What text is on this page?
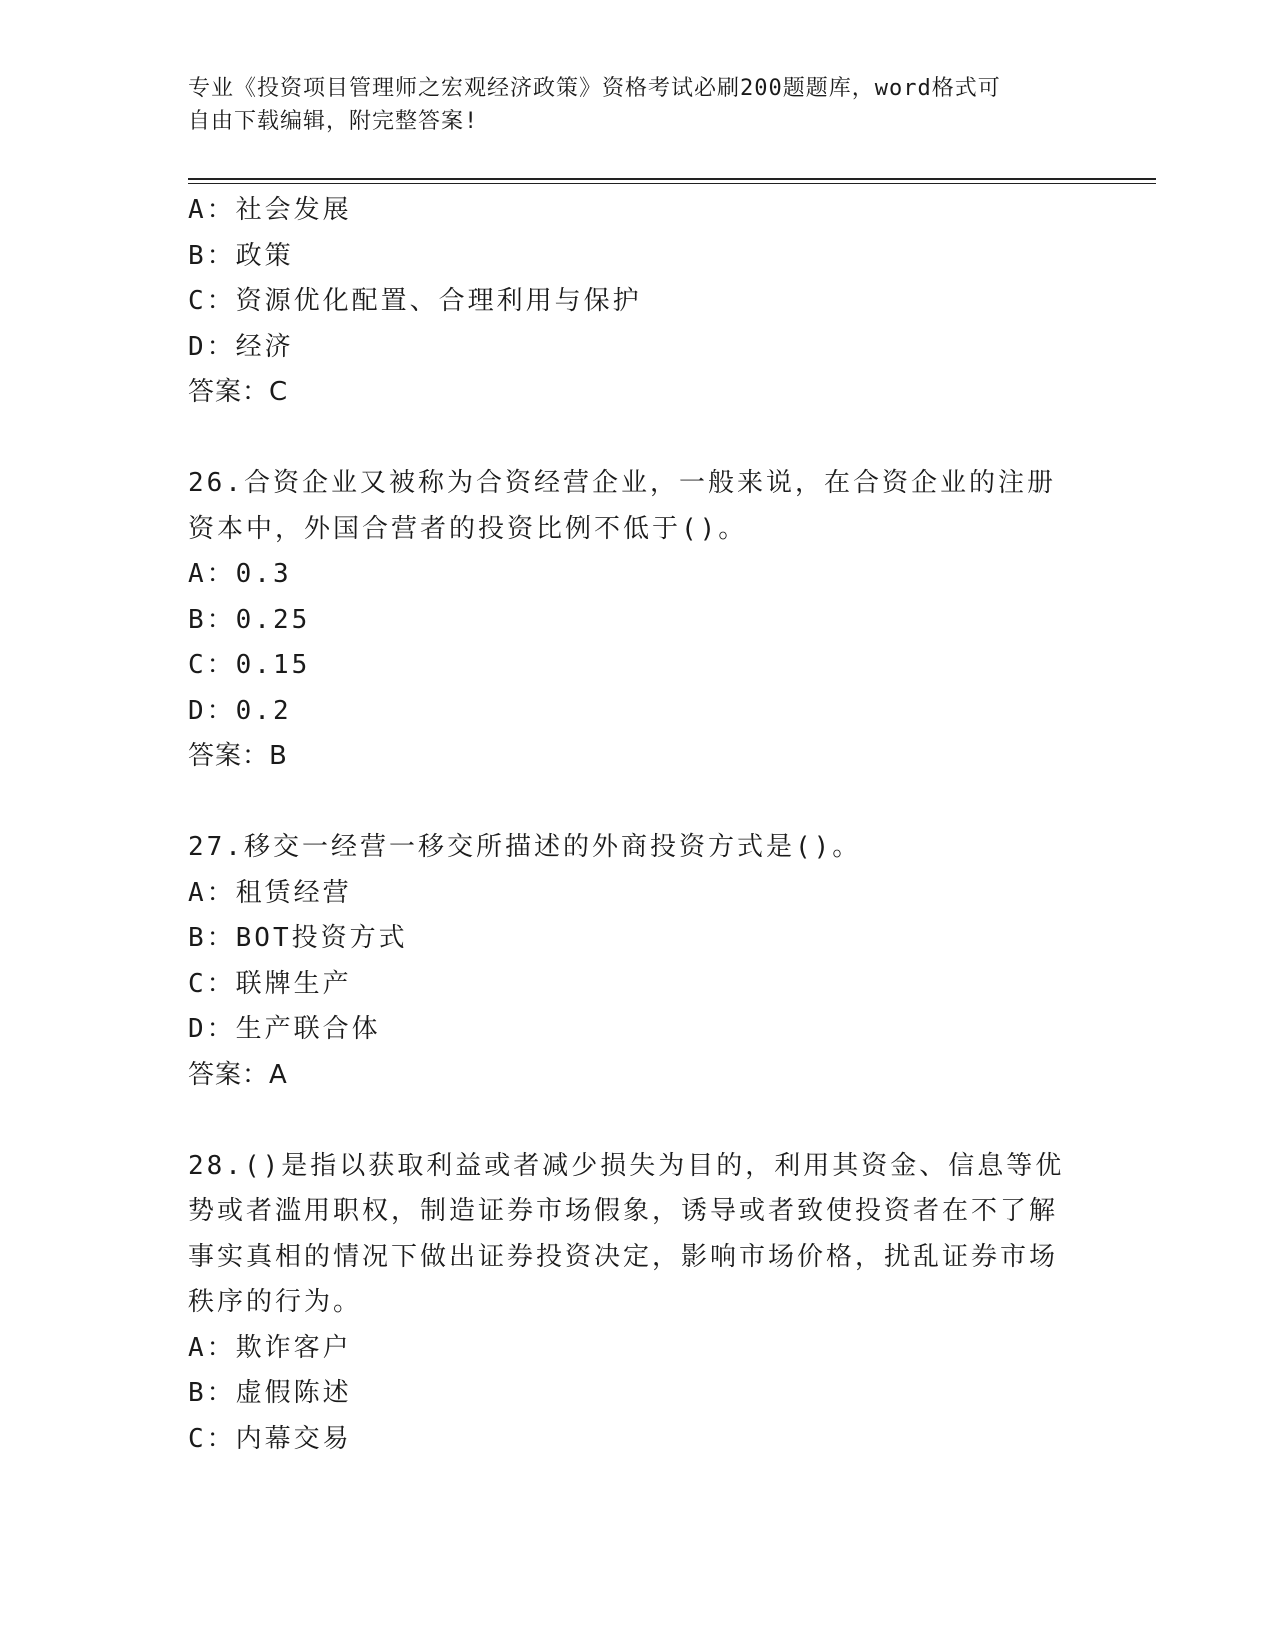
专业《投资项目管理师之宏观经济政策》资格考试必刷200题题库，word格式可
自由下载编辑，附完整答案!
A：社会发展
B：政策
C：资源优化配置、合理利用与保护
D：经济
答案：C
26.合资企业又被称为合资经营企业，一般来说，在合资企业的注册资本中，外国合营者的投资比例不低于()。
A：0.3
B：0.25
C：0.15
D：0.2
答案：B
27.移交一经营一移交所描述的外商投资方式是()。
A：租赁经营
B：BOT投资方式
C：联牌生产
D：生产联合体
答案：A
28.()是指以获取利益或者减少损失为目的，利用其资金、信息等优势或者滥用职权，制造证券市场假象，诱导或者致使投资者在不了解事实真相的情况下做出证券投资决定，影响市场价格，扰乱证券市场秩序的行为。
A：欺诈客户
B：虚假陈述
C：内幕交易
